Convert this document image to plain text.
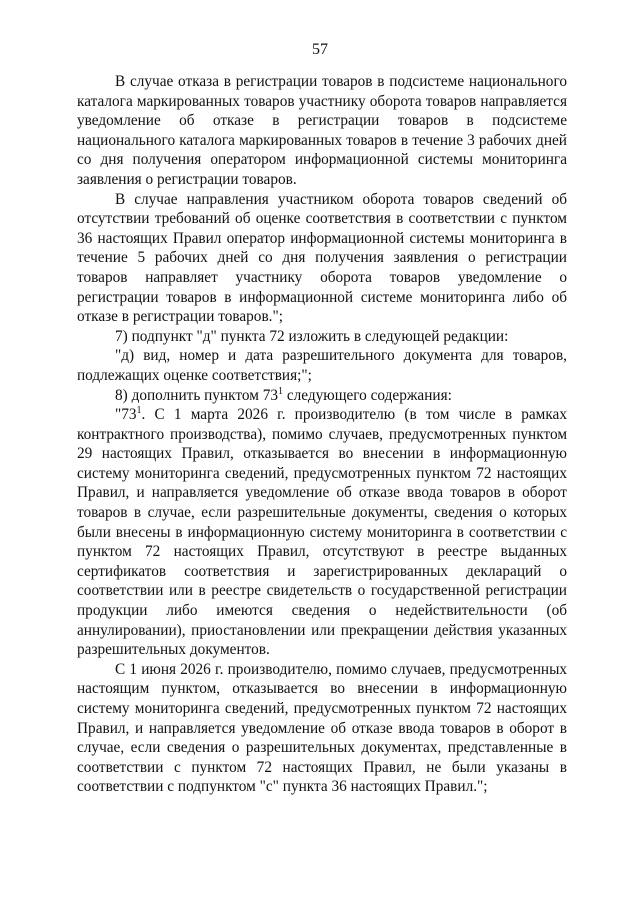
57

В случае отказа в регистрации товаров в подсистеме национального каталога маркированных товаров участнику оборота товаров направляется уведомление об отказе в регистрации товаров в подсистеме национального каталога маркированных товаров в течение 3 рабочих дней со дня получения оператором информационной системы мониторинга заявления о регистрации товаров.

В случае направления участником оборота товаров сведений об отсутствии требований об оценке соответствия в соответствии с пунктом 36 настоящих Правил оператор информационной системы мониторинга в течение 5 рабочих дней со дня получения заявления о регистрации товаров направляет участнику оборота товаров уведомление о регистрации товаров в информационной системе мониторинга либо об отказе в регистрации товаров.";

7) подпункт "д" пункта 72 изложить в следующей редакции:

"д) вид, номер и дата разрешительного документа для товаров, подлежащих оценке соответствия;";

8) дополнить пунктом $73^1$ следующего содержания:

"$73^1$. С 1 марта 2026 г. производителю (в том числе в рамках контрактного производства), помимо случаев, предусмотренных пунктом 29 настоящих Правил, отказывается во внесении в информационную систему мониторинга сведений, предусмотренных пунктом 72 настоящих Правил, и направляется уведомление об отказе ввода товаров в оборот товаров в случае, если разрешительные документы, сведения о которых были внесены в информационную систему мониторинга в соответствии с пунктом 72 настоящих Правил, отсутствуют в реестре выданных сертификатов соответствия и зарегистрированных деклараций о соответствии или в реестре свидетельств о государственной регистрации продукции либо имеются сведения о недействительности (об аннулировании), приостановлении или прекращении действия указанных разрешительных документов.

С 1 июня 2026 г. производителю, помимо случаев, предусмотренных настоящим пунктом, отказывается во внесении в информационную систему мониторинга сведений, предусмотренных пунктом 72 настоящих Правил, и направляется уведомление об отказе ввода товаров в оборот в случае, если сведения о разрешительных документах, представленные в соответствии с пунктом 72 настоящих Правил, не были указаны в соответствии с подпунктом "с" пункта 36 настоящих Правил.";
